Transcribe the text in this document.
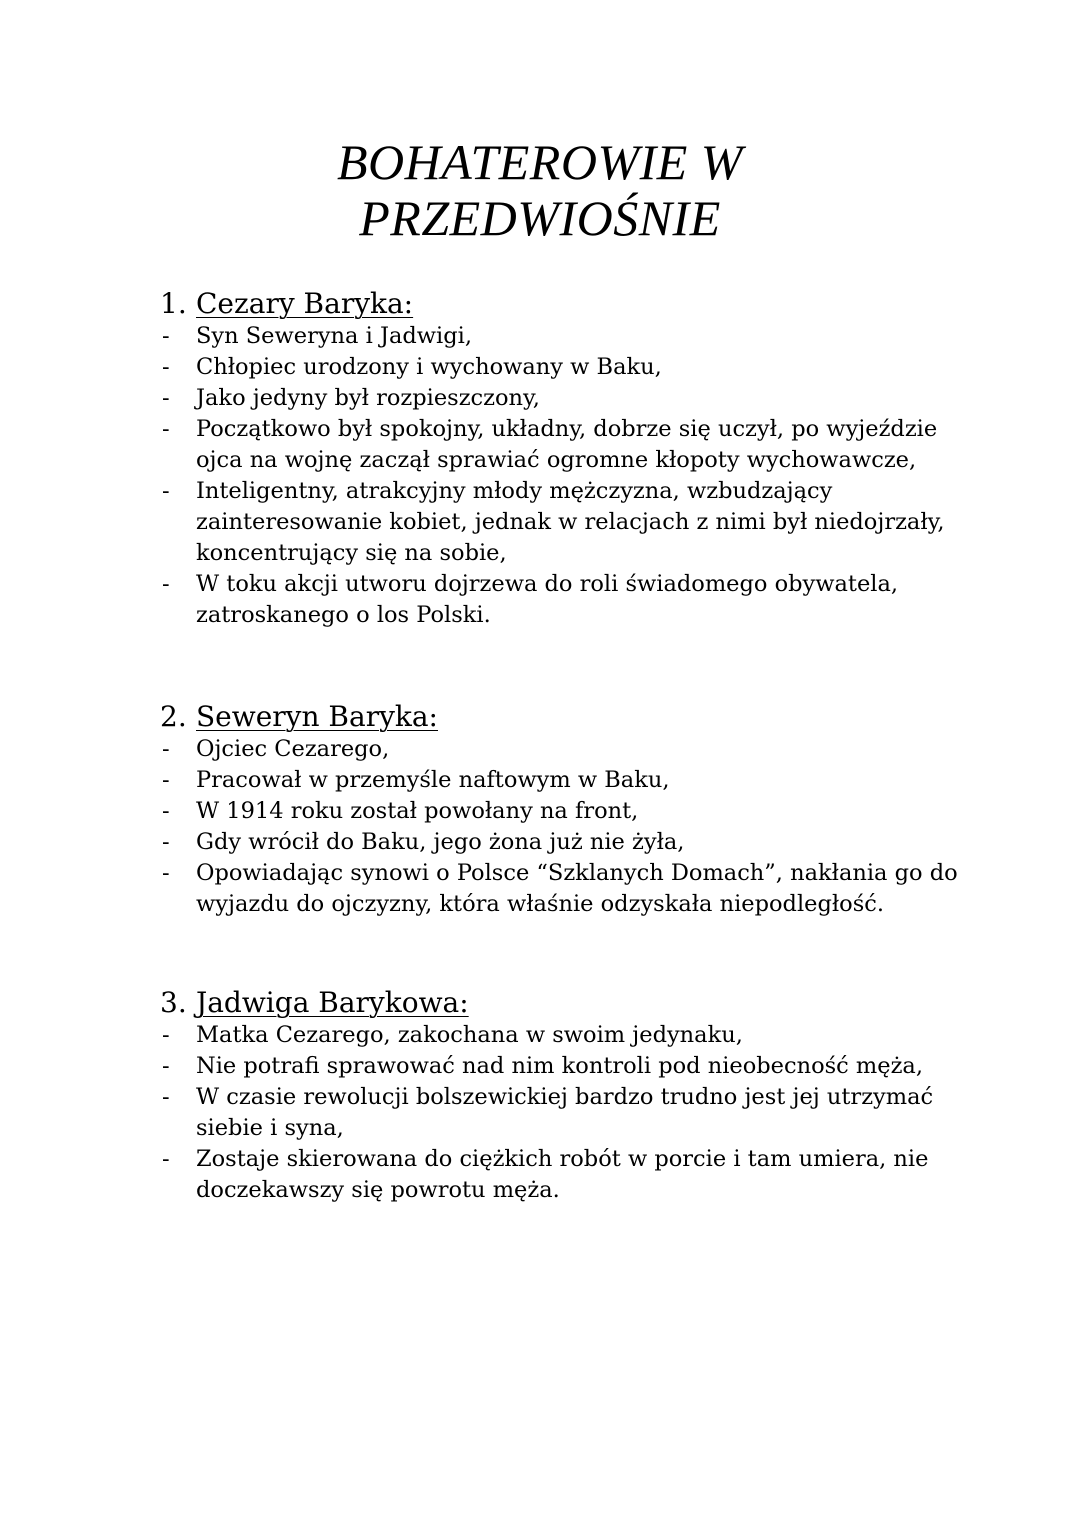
BOHATEROWIE W
PRZEDWIOŚNIE

1. Cezary Baryka:

- Syn Seweryna i Jadwigi,
- Chłopiec urodzony i wychowany w Baku,
- Jako jedyny był rozpieszczony,
- Początkowo był spokojny, układny, dobrze się uczył, po wyjeździe ojca na wojnę zaczął sprawiać ogromne kłopoty wychowawcze,
- Inteligentny, atrakcyjny młody mężczyzna, wzbudzający zainteresowanie kobiet, jednak w relacjach z nimi był niedojrzały, koncentrujący się na sobie,
- W toku akcji utworu dojrzewa do roli świadomego obywatela, zatroskanego o los Polski.

2. Seweryn Baryka:

- Ojciec Cezarego,
- Pracował w przemyśle naftowym w Baku,
- W 1914 roku został powołany na front,
- Gdy wrócił do Baku, jego żona już nie żyła,
- Opowiadając synowi o Polsce “Szklanych Domach”, nakłania go do wyjazdu do ojczyzny, która właśnie odzyskała niepodległość.

3. Jadwiga Barykowa:

- Matka Cezarego, zakochana w swoim jedynaku,
- Nie potrafi sprawować nad nim kontroli pod nieobecność męża,
- W czasie rewolucji bolszewickiej bardzo trudno jest jej utrzymać siebie i syna,
- Zostaje skierowana do ciężkich robót w porcie i tam umiera, nie doczekawszy się powrotu męża.
